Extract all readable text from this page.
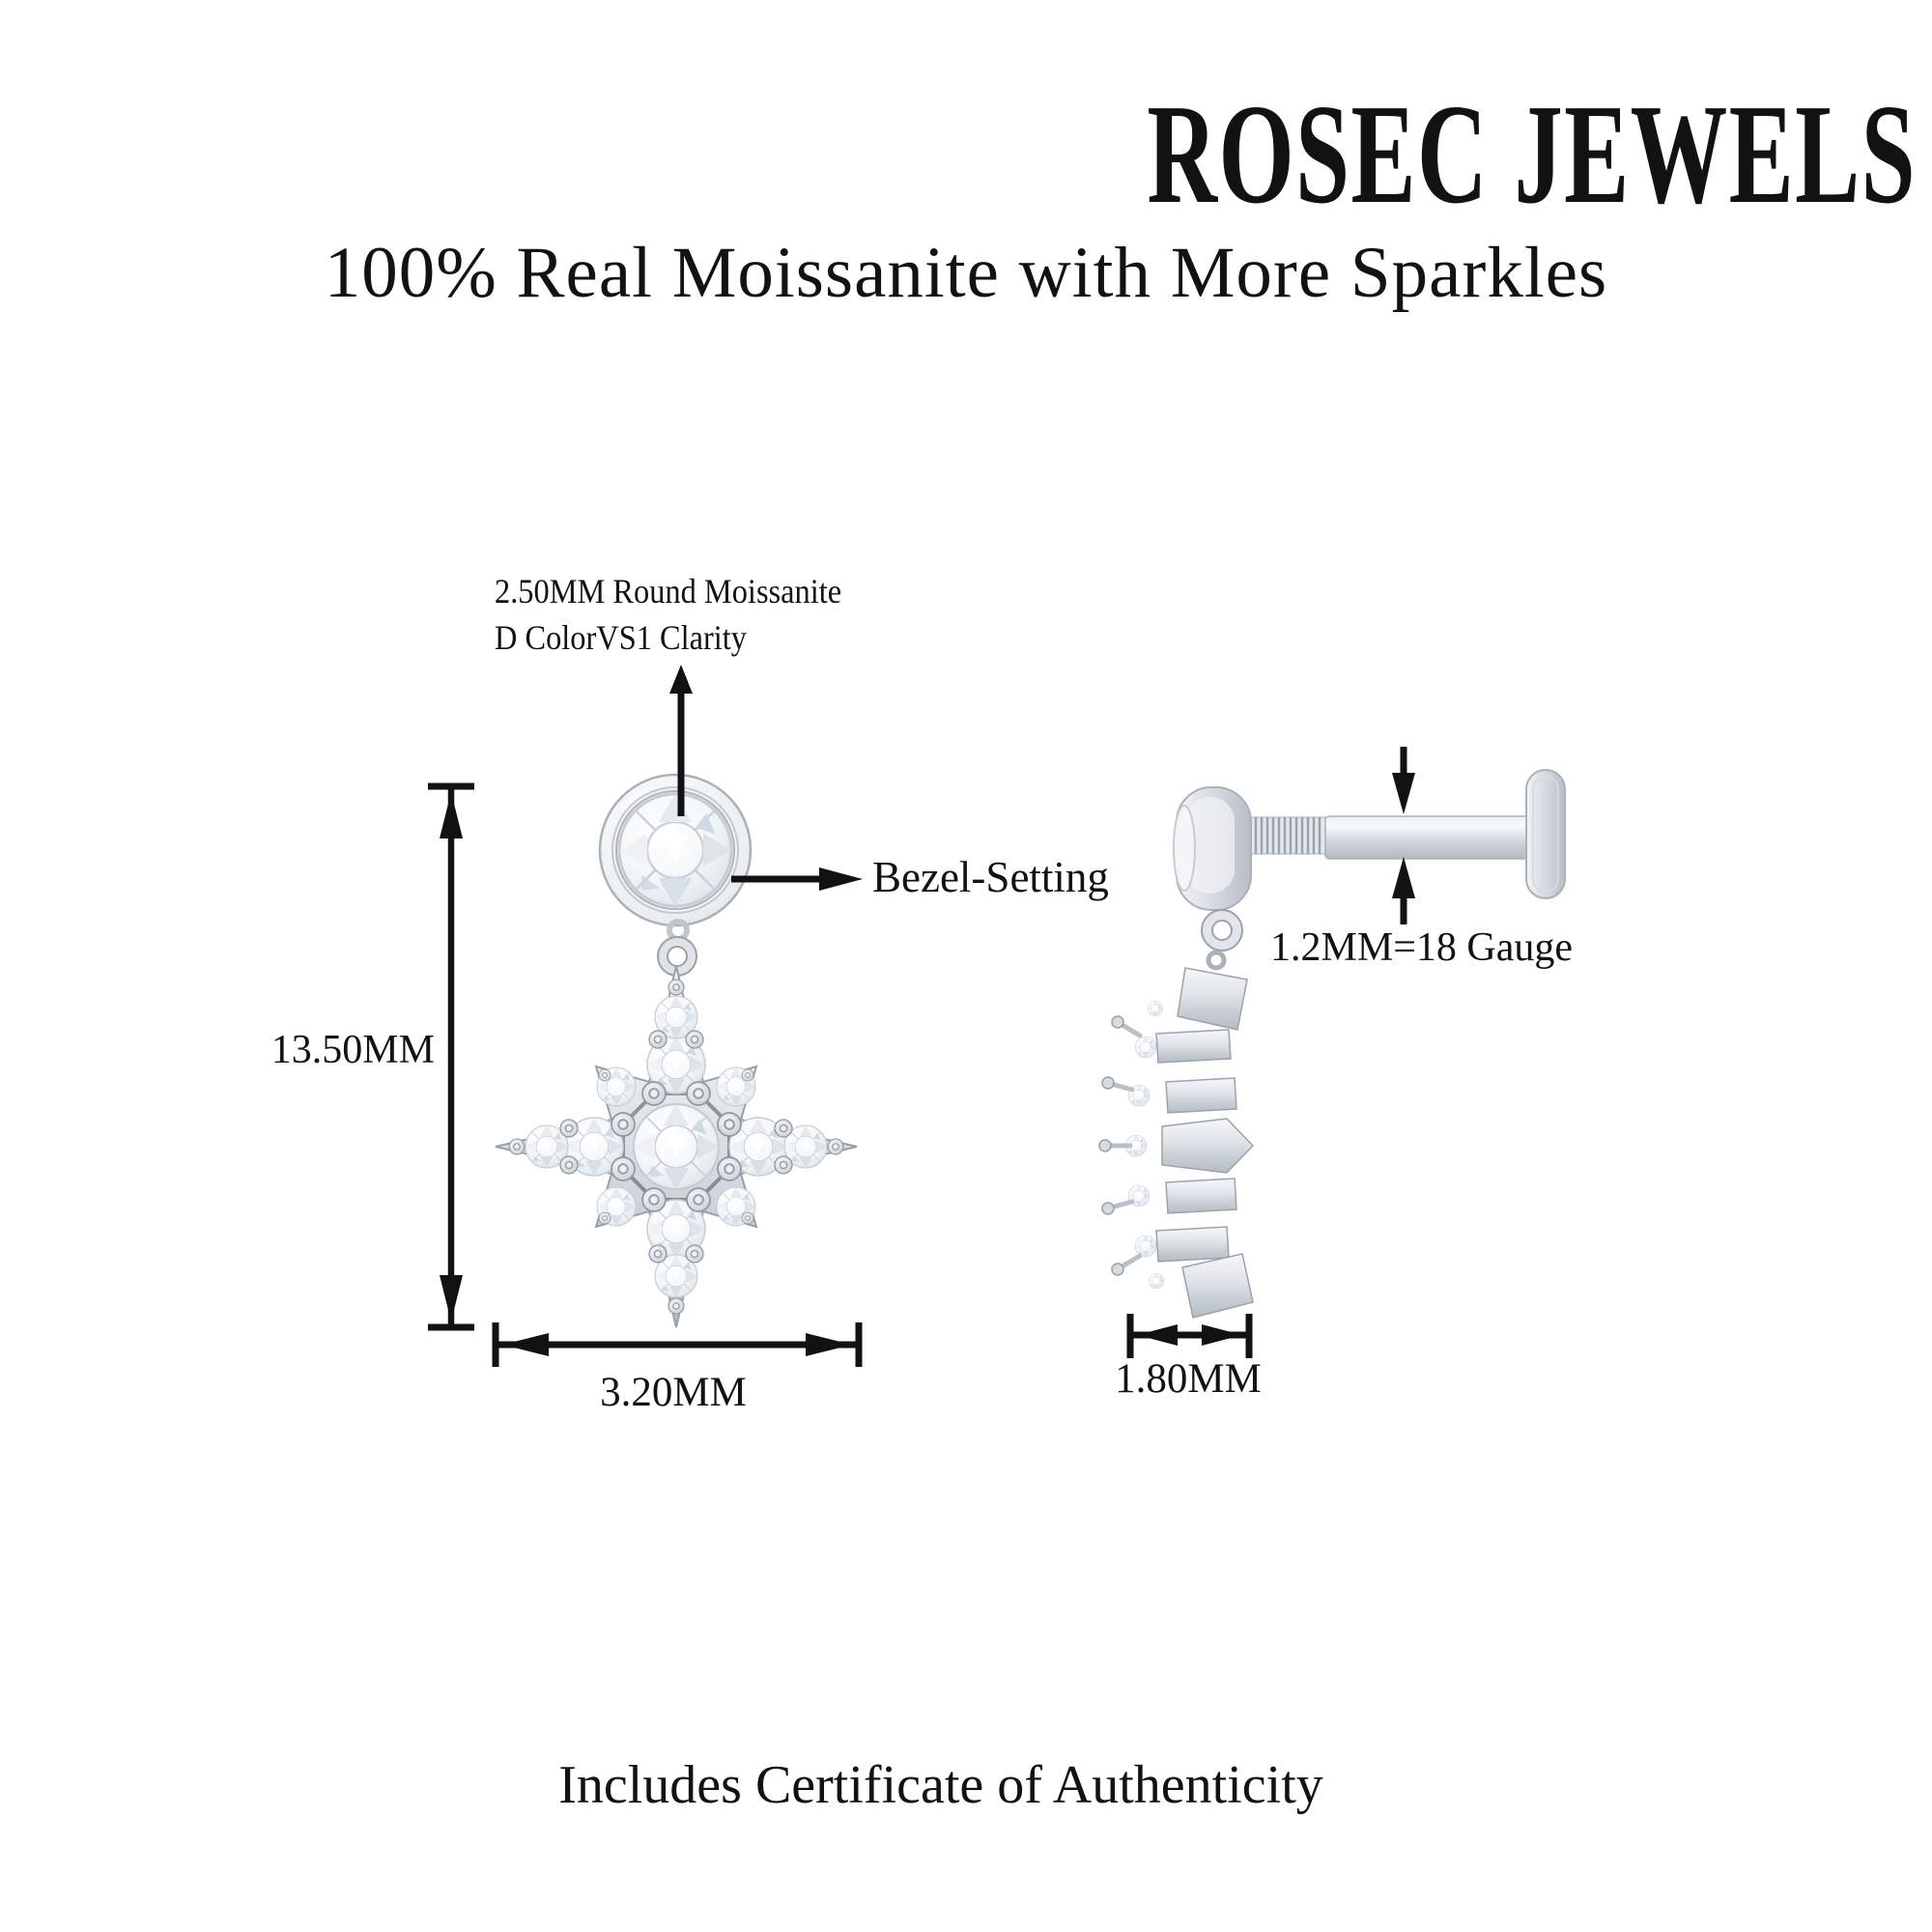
ROSEC JEWELS
100% Real Moissanite with More Sparkles
2.50MM Round Moissanite
D ColorVS1 Clarity
Bezel-Setting
1.2MM=18 Gauge
13.50MM
3.20MM	1.80MM
Includes Certificate of Authenticity
